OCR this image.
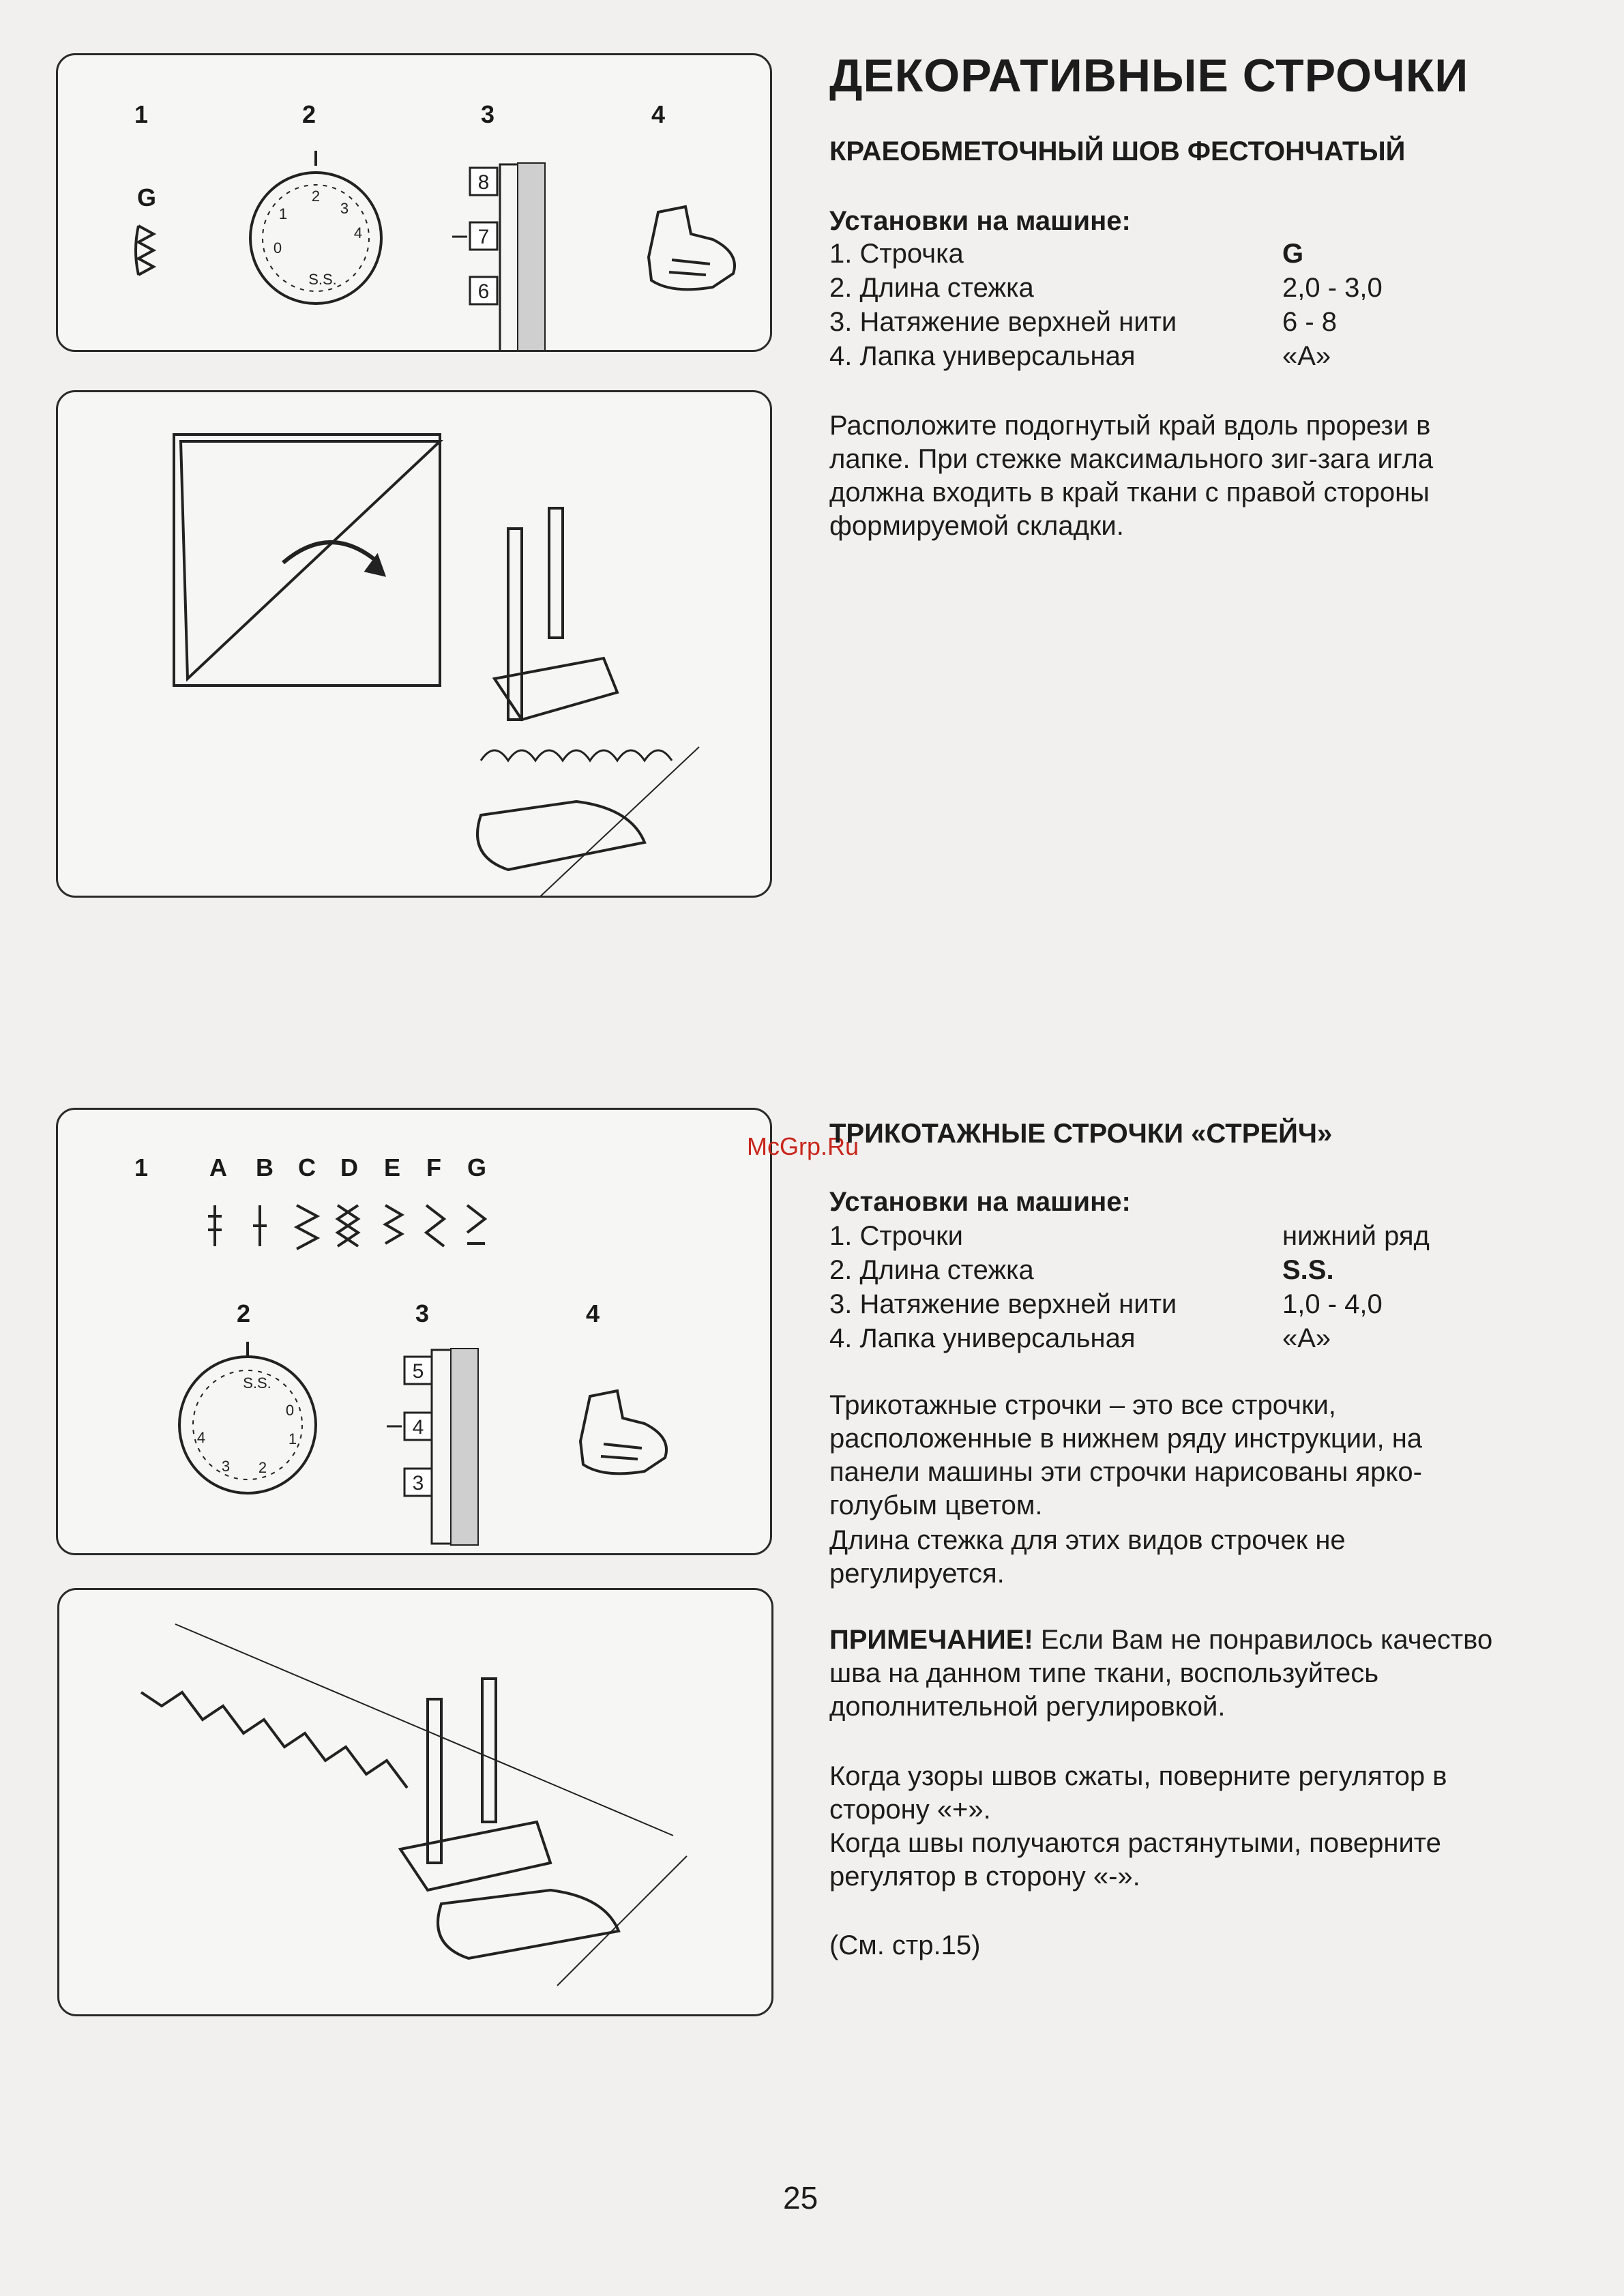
1	2	3	4
G	2
3
4
1
0
S.S.
8
7
6
1 A B C D E F G
2	3	4
S.S.
0
1
2
3
4
5
4
3
ДЕКОРАТИВНЫЕ СТРОЧКИ
КРАЕОБМЕТОЧНЫЙ ШОВ ФЕСТОНЧАТЫЙ
Установки на машине:
1. Строчка	G
2. Длина стежка	2,0 - 3,0
3. Натяжение верхней нити	6 - 8
4. Лапка универсальная	«А»
Расположите подогнутый край вдоль прорези в лапке. При стежке максимального зиг-зага игла должна входить в край ткани с правой стороны формируемой складки.
McGrp.Ru
ТРИКОТАЖНЫЕ СТРОЧКИ «СТРЕЙЧ»
Установки на машине:
1. Строчки	нижний ряд
2. Длина стежка	S.S.
3. Натяжение верхней нити	1,0 - 4,0
4. Лапка универсальная	«А»
Трикотажные строчки – это все строчки, расположенные в нижнем ряду инструкции, на панели машины эти строчки нарисованы ярко-голубым цветом.
Длина стежка для этих видов строчек не регулируется.
ПРИМЕЧАНИЕ! Если Вам не понравилось качество шва на данном типе ткани, воспользуйтесь дополнительной регулировкой.
Когда узоры швов сжаты, поверните регулятор в сторону «+».
Когда швы получаются растянутыми, поверните регулятор в сторону «-».
(См. стр.15)
25
